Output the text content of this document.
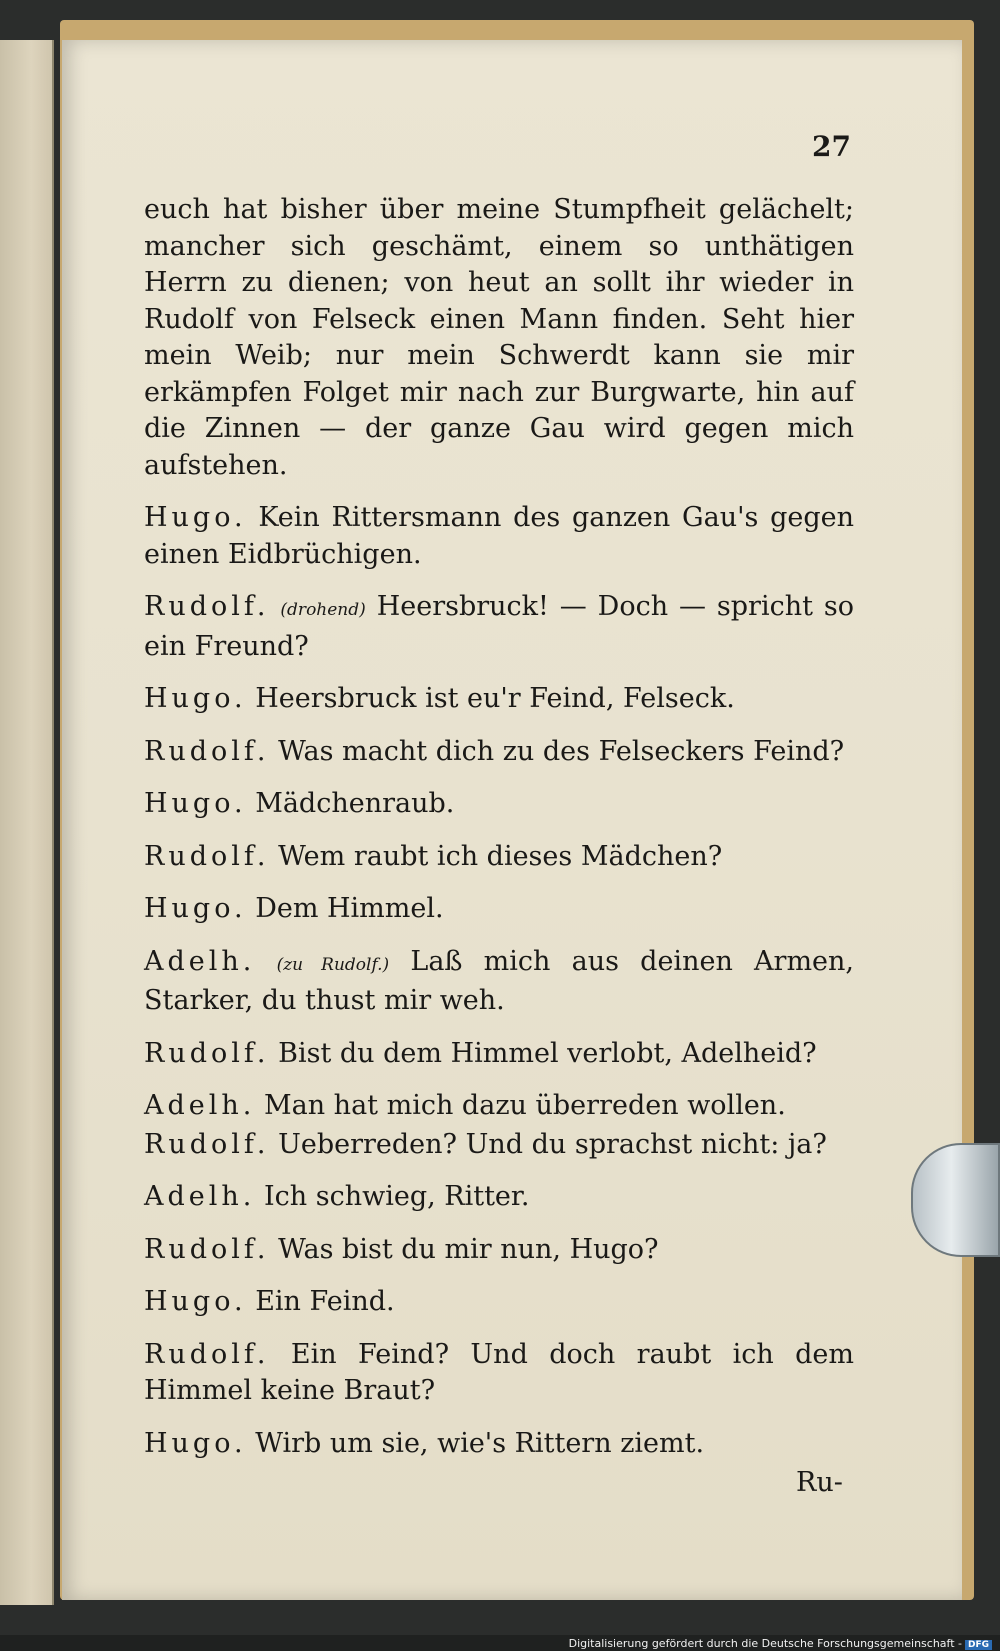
27

euch hat bisher über meine Stumpfheit gelächelt; mancher sich geschämt, einem so unthätigen Herrn zu dienen; von heut an sollt ihr wieder in Rudolf von Felseck einen Mann finden. Seht hier mein Weib; nur mein Schwerdt kann sie mir erkämpfen Folget mir nach zur Burgwarte, hin auf die Zinnen — der ganze Gau wird gegen mich aufstehen.

Hugo. Kein Rittersmann des ganzen Gau's gegen einen Eidbrüchigen.

Rudolf. (drohend) Heersbruck! — Doch — spricht so ein Freund?

Hugo. Heersbruck ist eu'r Feind, Felseck.

Rudolf. Was macht dich zu des Felseckers Feind?

Hugo. Mädchenraub.

Rudolf. Wem raubt ich dieses Mädchen?

Hugo. Dem Himmel.

Adelh. (zu Rudolf.) Laß mich aus deinen Armen, Starker, du thust mir weh.

Rudolf. Bist du dem Himmel verlobt, Adelheid?

Adelh. Man hat mich dazu überreden wollen.

Rudolf. Ueberreden? Und du sprachst nicht: ja?

Adelh. Ich schwieg, Ritter.

Rudolf. Was bist du mir nun, Hugo?

Hugo. Ein Feind.

Rudolf. Ein Feind? Und doch raubt ich dem Himmel keine Braut?

Hugo. Wirb um sie, wie's Rittern ziemt.

Ru-
Digitalisierung gefördert durch die Deutsche Forschungsgemeinschaft - DFG
